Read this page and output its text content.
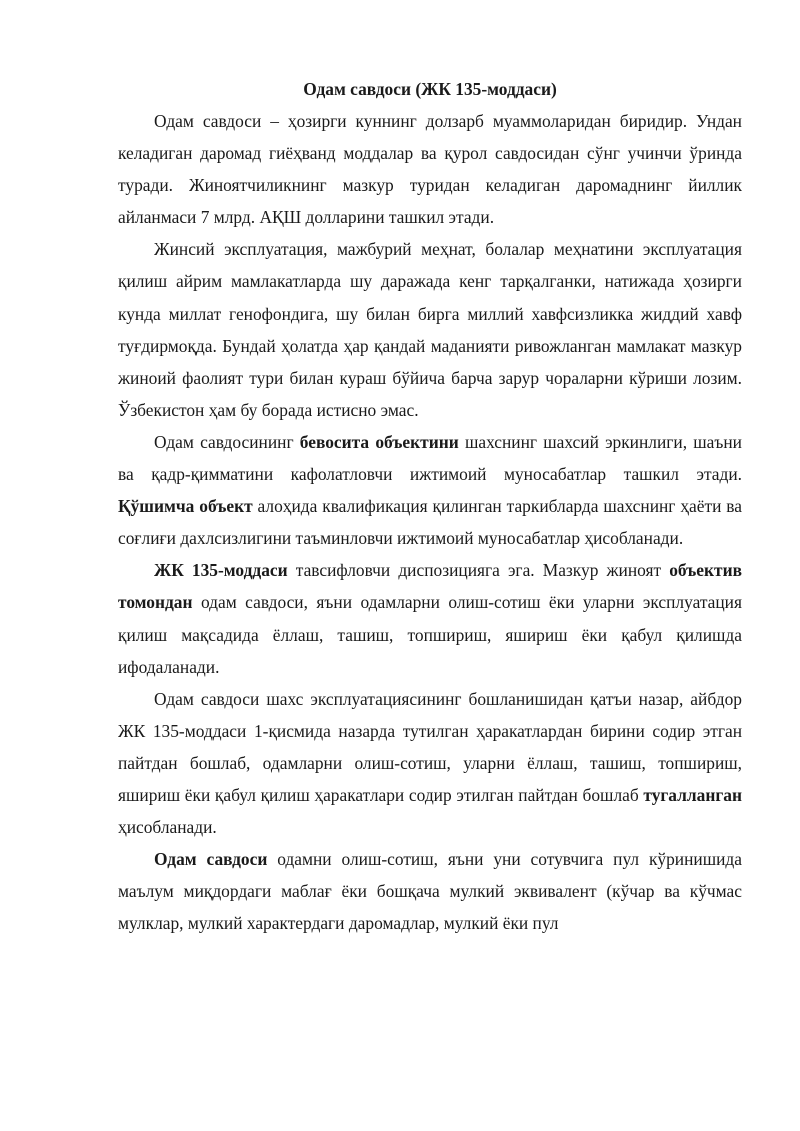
Одам савдоси (ЖК 135-моддаси)

Одам савдоси – ҳозирги куннинг долзарб муаммоларидан биридир. Ундан келадиган даромад гиёҳванд моддалар ва қурол савдосидан сўнг учинчи ўринда туради. Жиноятчиликнинг мазкур туридан келадиган даромаднинг йиллик айланмаси 7 млрд. АҚШ долларини ташкил этади.

Жинсий эксплуатация, мажбурий меҳнат, болалар меҳнатини эксплуатация қилиш айрим мамлакатларда шу даражада кенг тарқалганки, натижада ҳозирги кунда миллат генофондига, шу билан бирга миллий хавфсизликка жиддий хавф туғдирмоқда. Бундай ҳолатда ҳар қандай маданияти ривожланган мамлакат мазкур жиноий фаолият тури билан кураш бўйича барча зарур чораларни кўриши лозим. Ўзбекистон ҳам бу борада истисно эмас.

Одам савдосининг бевосита объектини шахснинг шахсий эркинлиги, шаъни ва қадр-қимматини кафолатловчи ижтимоий муносабатлар ташкил этади. Қўшимча объект алоҳида квалификация қилинган таркибларда шахснинг ҳаёти ва соғлиғи дахлсизлигини таъминловчи ижтимоий муносабатлар ҳисобланади.

ЖК 135-моддаси тавсифловчи диспозицияга эга. Мазкур жиноят объектив томондан одам савдоси, яъни одамларни олиш-сотиш ёки уларни эксплуатация қилиш мақсадида ёллаш, ташиш, топшириш, яшириш ёки қабул қилишда ифодаланади.

Одам савдоси шахс эксплуатациясининг бошланишидан қатъи назар, айбдор ЖК 135-моддаси 1-қисмида назарда тутилган ҳаракатлардан бирини содир этган пайтдан бошлаб, одамларни олиш-сотиш, уларни ёллаш, ташиш, топшириш, яшириш ёки қабул қилиш ҳаракатлари содир этилган пайтдан бошлаб тугалланган ҳисобланади.

Одам савдоси одамни олиш-сотиш, яъни уни сотувчига пул кўринишида маълум миқдордаги маблағ ёки бошқача мулкий эквивалент (кўчар ва кўчмас мулклар, мулкий характердаги даромадлар, мулкий ёки пул
